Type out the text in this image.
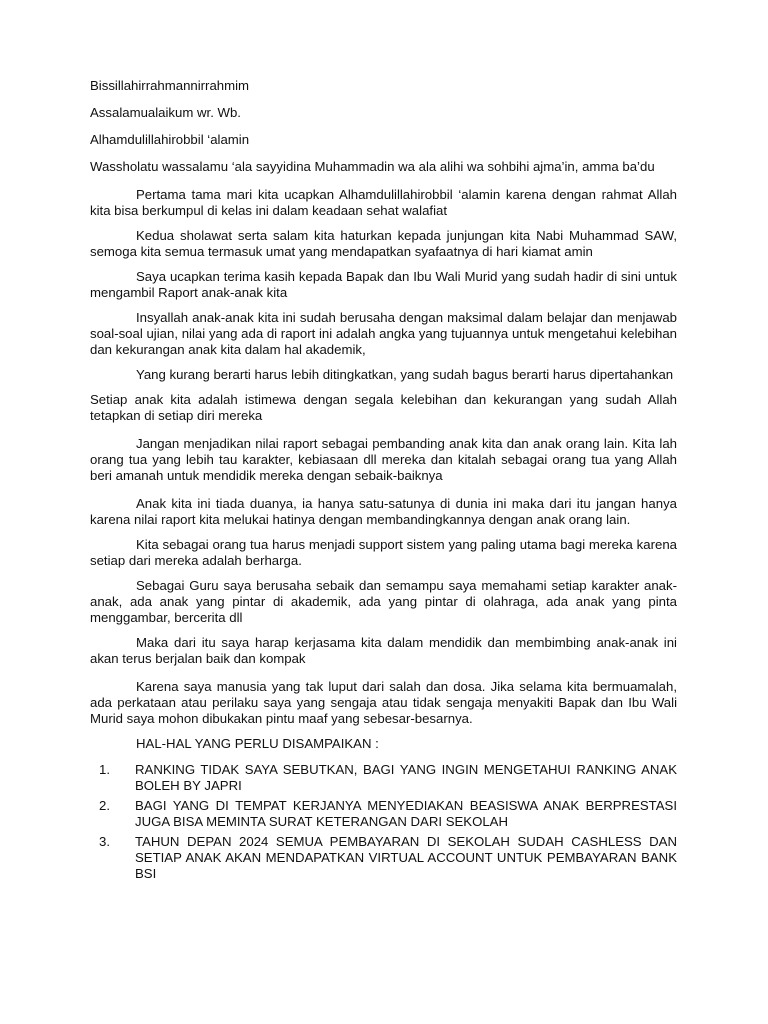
Bissillahirrahmannirrahmim

Assalamualaikum wr. Wb.

Alhamdulillahirobbil ‘alamin

Wassholatu wassalamu ‘ala sayyidina Muhammadin wa ala alihi wa sohbihi ajma’in, amma ba’du

Pertama tama mari kita ucapkan Alhamdulillahirobbil ‘alamin karena dengan rahmat Allah kita bisa berkumpul di kelas ini dalam keadaan sehat walafiat

Kedua sholawat serta salam kita haturkan kepada junjungan kita Nabi Muhammad SAW, semoga kita semua termasuk umat yang mendapatkan syafaatnya di hari kiamat amin

Saya ucapkan terima kasih kepada Bapak dan Ibu Wali Murid yang sudah hadir di sini untuk mengambil Raport anak-anak kita

Insyallah anak-anak kita ini sudah berusaha dengan maksimal dalam belajar dan menjawab soal-soal ujian, nilai yang ada di raport ini adalah angka yang tujuannya untuk mengetahui kelebihan dan kekurangan anak kita dalam hal akademik,

Yang kurang berarti harus lebih ditingkatkan, yang sudah bagus berarti harus dipertahankan

Setiap anak kita adalah istimewa dengan segala kelebihan dan kekurangan yang sudah Allah tetapkan di setiap diri mereka

Jangan menjadikan nilai raport sebagai pembanding anak kita dan anak orang lain. Kita lah orang tua yang lebih tau karakter, kebiasaan dll mereka dan kitalah sebagai orang tua yang Allah beri amanah untuk mendidik mereka dengan sebaik-baiknya

Anak kita ini tiada duanya, ia hanya satu-satunya di dunia ini maka dari itu jangan hanya karena nilai raport kita melukai hatinya dengan membandingkannya dengan anak orang lain.

Kita sebagai orang tua harus menjadi support sistem yang paling utama bagi mereka karena setiap dari mereka adalah berharga.

Sebagai Guru saya berusaha sebaik dan semampu saya memahami setiap karakter anak-anak, ada anak yang pintar di akademik, ada yang pintar di olahraga, ada anak yang pinta menggambar, bercerita dll

Maka dari itu saya harap kerjasama kita dalam mendidik dan membimbing anak-anak ini akan terus berjalan baik dan kompak

Karena saya manusia yang tak luput dari salah dan dosa. Jika selama kita bermuamalah, ada perkataan atau perilaku saya yang sengaja atau tidak sengaja menyakiti Bapak dan Ibu Wali Murid saya mohon dibukakan pintu maaf yang sebesar-besarnya.

HAL-HAL YANG PERLU DISAMPAIKAN :

1. RANKING TIDAK SAYA SEBUTKAN, BAGI YANG INGIN MENGETAHUI RANKING ANAK BOLEH BY JAPRI
2. BAGI YANG DI TEMPAT KERJANYA MENYEDIAKAN BEASISWA ANAK BERPRESTASI JUGA BISA MEMINTA SURAT KETERANGAN DARI SEKOLAH
3. TAHUN DEPAN 2024 SEMUA PEMBAYARAN DI SEKOLAH SUDAH CASHLESS DAN SETIAP ANAK AKAN MENDAPATKAN VIRTUAL ACCOUNT UNTUK PEMBAYARAN BANK BSI
